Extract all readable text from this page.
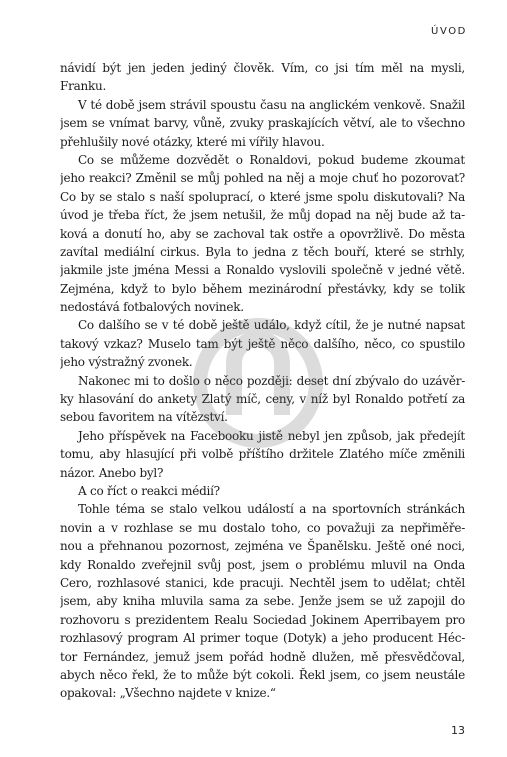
ÚVOD
návidí být jen jeden jediný člověk. Vím, co jsi tím měl na mysli,
Franku.
V té době jsem strávil spoustu času na anglickém venkově. Snažil
jsem se vnímat barvy, vůně, zvuky praskajících větví, ale to všechno
přehlušily nové otázky, které mi vířily hlavou.
Co se můžeme dozvědět o Ronaldovi, pokud budeme zkoumat
jeho reakci? Změnil se můj pohled na něj a moje chuť ho pozorovat?
Co by se stalo s naší spoluprací, o které jsme spolu diskutovali? Na
úvod je třeba říct, že jsem netušil, že můj dopad na něj bude až ta-
ková a donutí ho, aby se zachoval tak ostře a opovržlivě. Do města
zavítal mediální cirkus. Byla to jedna z těch bouří, které se strhly,
jakmile jste jména Messi a Ronaldo vyslovili společně v jedné větě.
Zejména, když to bylo během mezinárodní přestávky, kdy se tolik
nedostává fotbalových novinek.
Co dalšího se v té době ještě událo, když cítil, že je nutné napsat
takový vzkaz? Muselo tam být ještě něco dalšího, něco, co spustilo
jeho výstražný zvonek.
Nakonec mi to došlo o něco později: deset dní zbývalo do uzávěr-
ky hlasování do ankety Zlatý míč, ceny, v níž byl Ronaldo potřetí za
sebou favoritem na vítězství.
Jeho příspěvek na Facebooku jistě nebyl jen způsob, jak předejít
tomu, aby hlasující při volbě příštího držitele Zlatého míče změnili
názor. Anebo byl?
A co říct o reakci médií?
Tohle téma se stalo velkou událostí a na sportovních stránkách
novin a v rozhlase se mu dostalo toho, co považuji za nepřiměře-
nou a přehnanou pozornost, zejména ve Španělsku. Ještě oné noci,
kdy Ronaldo zveřejnil svůj post, jsem o problému mluvil na Onda
Cero, rozhlasové stanici, kde pracuji. Nechtěl jsem to udělat; chtěl
jsem, aby kniha mluvila sama za sebe. Jenže jsem se už zapojil do
rozhovoru s prezidentem Realu Sociedad Jokinem Aperribayem pro
rozhlasový program Al primer toque (Dotyk) a jeho producent Héc-
tor Fernández, jemuž jsem pořád hodně dlužen, mě přesvědčoval,
abych něco řekl, že to může být cokoli. Řekl jsem, co jsem neustále
opakoval: „Všechno najdete v knize.“
13
